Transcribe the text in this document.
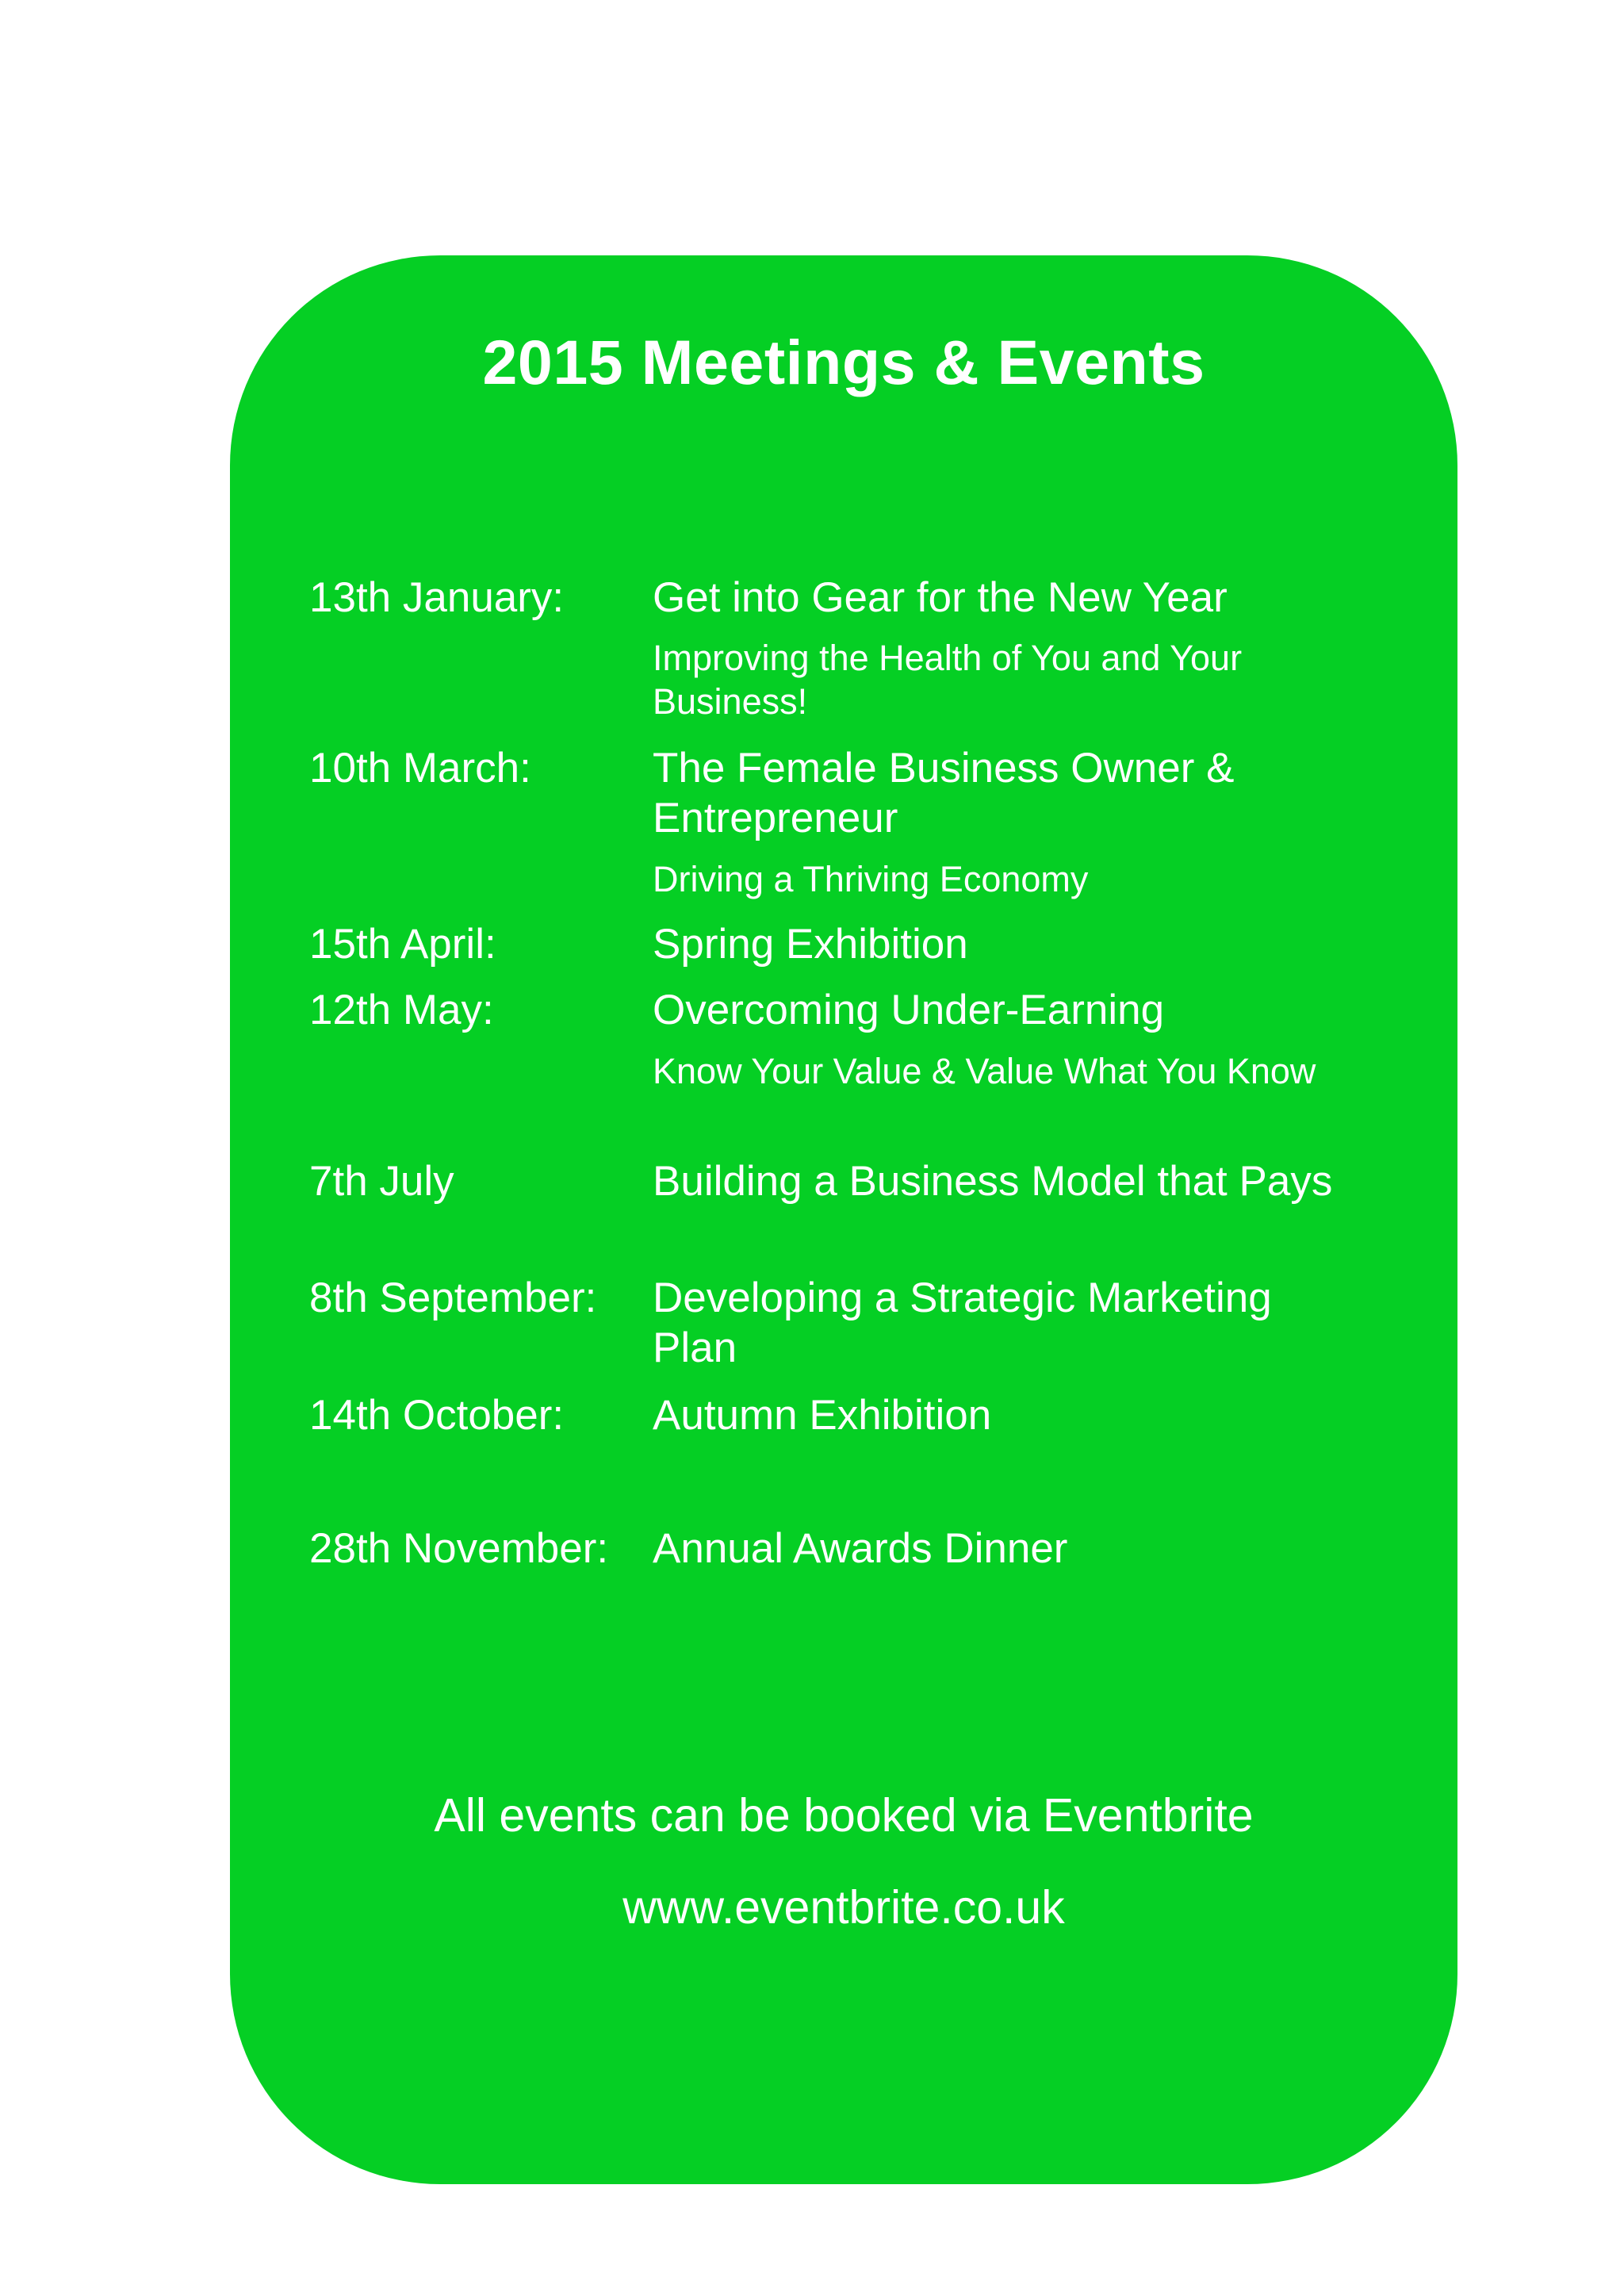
2015 Meetings & Events
13th January: Get into Gear for the New Year
Improving the Health of You and Your Business!
10th March:	The Female Business Owner & Entrepreneur
Driving a Thriving Economy
15th April:	Spring Exhibition
12th May:	Overcoming Under-Earning
Know Your Value & Value What You Know
7th July	Building a Business Model that Pays
8th September: Developing a Strategic Marketing Plan
14th October: Autumn Exhibition
28th November: Annual Awards Dinner
All events can be booked via Eventbrite
www.eventbrite.co.uk
